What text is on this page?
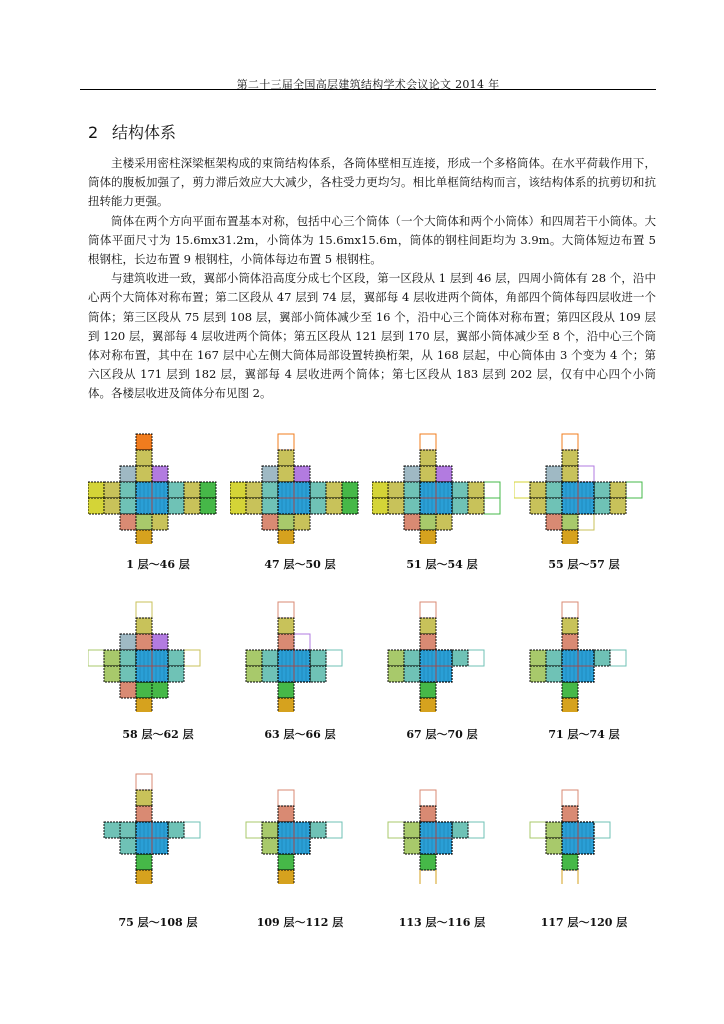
第二十三届全国高层建筑结构学术会议论文 2014 年
2 结构体系

主楼采用密柱深梁框架构成的束筒结构体系，各筒体壁相互连接，形成一个多格筒体。在水平荷载作用下，筒体的腹板加强了，剪力滞后效应大大减少，各柱受力更均匀。相比单框筒结构而言，该结构体系的抗剪切和抗扭转能力更强。

筒体在两个方向平面布置基本对称，包括中心三个筒体（一个大筒体和两个小筒体）和四周若干小筒体。大筒体平面尺寸为 15.6mx31.2m，小筒体为 15.6mx15.6m，筒体的钢柱间距均为 3.9m。大筒体短边布置 5 根钢柱，长边布置 9 根钢柱，小筒体每边布置 5 根钢柱。

与建筑收进一致，翼部小筒体沿高度分成七个区段，第一区段从 1 层到 46 层，四周小筒体有 28 个，沿中心两个大筒体对称布置；第二区段从 47 层到 74 层，翼部每 4 层收进两个筒体，角部四个筒体每四层收进一个筒体；第三区段从 75 层到 108 层，翼部小筒体减少至 16 个，沿中心三个筒体对称布置；第四区段从 109 层到 120 层，翼部每 4 层收进两个筒体；第五区段从 121 层到 170 层，翼部小筒体减少至 8 个，沿中心三个筒体对称布置，其中在 167 层中心左侧大筒体局部设置转换桁架，从 168 层起，中心筒体由 3 个变为 4 个；第六区段从 171 层到 182 层，翼部每 4 层收进两个筒体；第七区段从 183 层到 202 层，仅有中心四个小筒体。各楼层收进及筒体分布见图 2。

1 层～46 层	47 层～50 层	51 层～54 层	55 层～57 层
58 层～62 层	63 层～66 层	67 层～70 层	71 层～74 层
75 层～108 层	109 层～112 层	113 层～116 层	117 层～120 层
